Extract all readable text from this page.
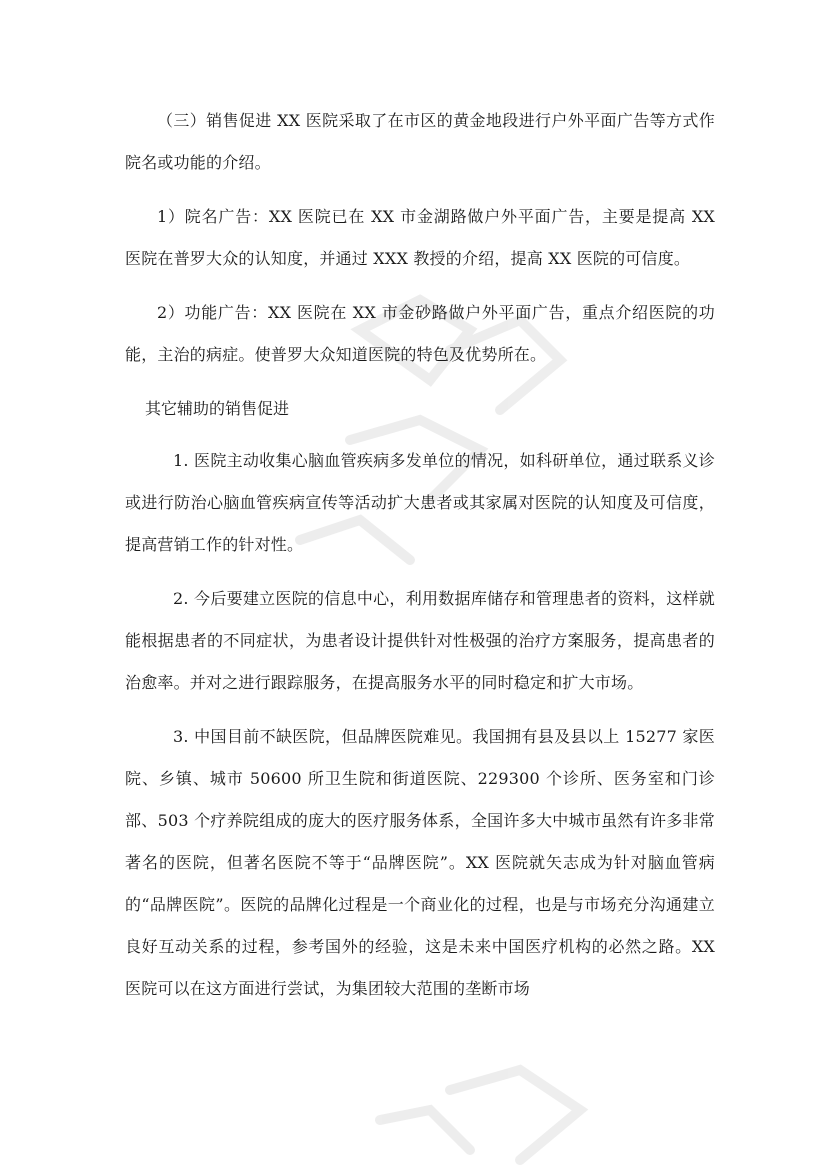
（三）销售促进 XX 医院采取了在市区的黄金地段进行户外平面广告等方式作院名或功能的介绍。

1）院名广告：XX 医院已在 XX 市金湖路做户外平面广告，主要是提高 XX 医院在普罗大众的认知度，并通过 XXX 教授的介绍，提高 XX 医院的可信度。

2）功能广告：XX 医院在 XX 市金砂路做户外平面广告，重点介绍医院的功能，主治的病症。使普罗大众知道医院的特色及优势所在。

其它辅助的销售促进

1. 医院主动收集心脑血管疾病多发单位的情况，如科研单位，通过联系义诊或进行防治心脑血管疾病宣传等活动扩大患者或其家属对医院的认知度及可信度，提高营销工作的针对性。

2. 今后要建立医院的信息中心，利用数据库储存和管理患者的资料，这样就能根据患者的不同症状，为患者设计提供针对性极强的治疗方案服务，提高患者的治愈率。并对之进行跟踪服务，在提高服务水平的同时稳定和扩大市场。

3. 中国目前不缺医院，但品牌医院难见。我国拥有县及县以上 15277 家医院、乡镇、城市 50600 所卫生院和街道医院、229300 个诊所、医务室和门诊部、503 个疗养院组成的庞大的医疗服务体系，全国许多大中城市虽然有许多非常著名的医院，但著名医院不等于“品牌医院”。XX 医院就矢志成为针对脑血管病的“品牌医院”。医院的品牌化过程是一个商业化的过程，也是与市场充分沟通建立良好互动关系的过程，参考国外的经验，这是未来中国医疗机构的必然之路。XX 医院可以在这方面进行尝试，为集团较大范围的垄断市场
